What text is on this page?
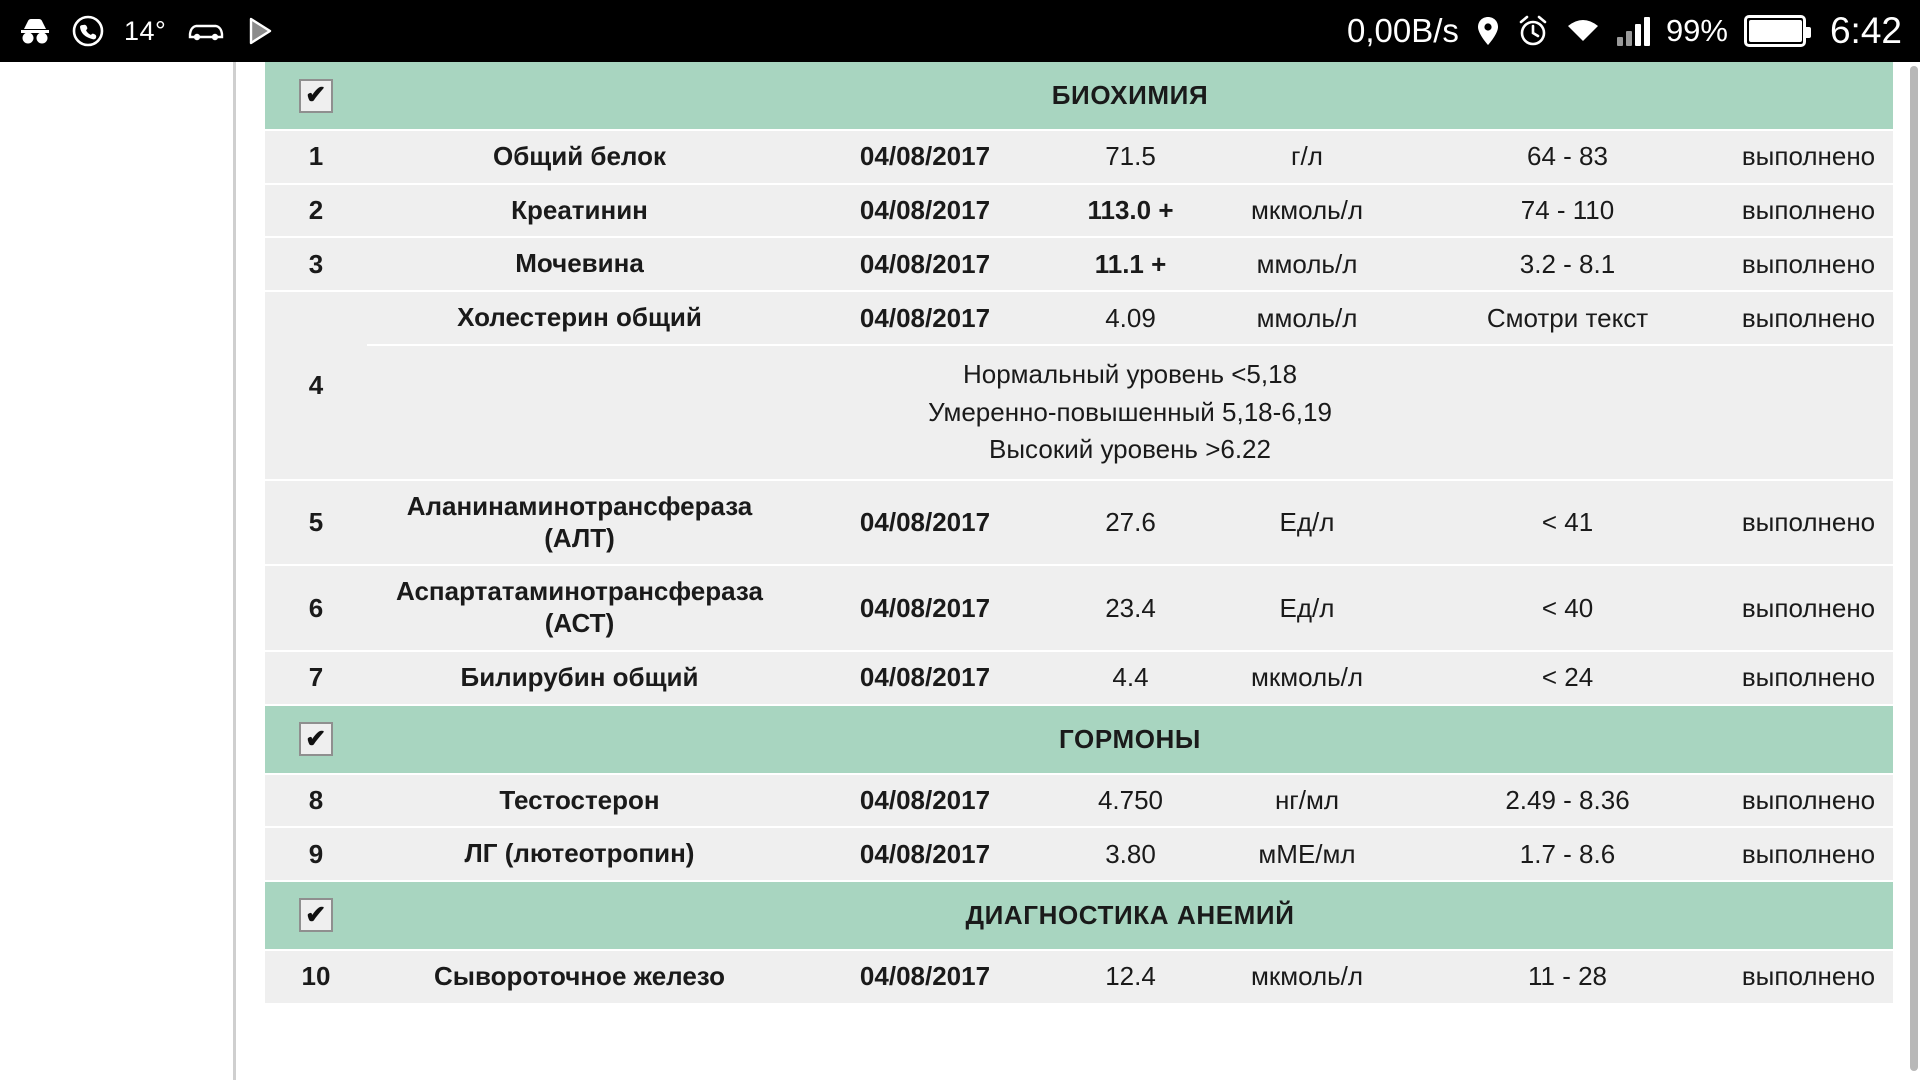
14°	0,00B/s	99%	6:42
✔	БИОХИМИЯ					
1	Общий белок	04/08/2017	71.5	г/л	64 - 83	выполнено
2	Креатинин	04/08/2017	113.0 +	мкмоль/л	74 - 110	выполнено
3	Мочевина	04/08/2017	11.1 +	ммоль/л	3.2 - 8.1	выполнено
4	Холестерин общий	04/08/2017	4.09	ммоль/л	Смотри текст	выполнено
	Нормальный уровень <5,18
Умеренно-повышенный 5,18-6,19
Высокий уровень >6.22					
5	Аланинаминотрансфераза (АЛТ)	04/08/2017	27.6	Ед/л	< 41	выполнено
6	Аспартатаминотрансфераза (АСТ)	04/08/2017	23.4	Ед/л	< 40	выполнено
7	Билирубин общий	04/08/2017	4.4	мкмоль/л	< 24	выполнено
✔	ГОРМОНЫ					
8	Тестостерон	04/08/2017	4.750	нг/мл	2.49 - 8.36	выполнено
9	ЛГ (лютеотропин)	04/08/2017	3.80	мМЕ/мл	1.7 - 8.6	выполнено
✔	ДИАГНОСТИКА АНЕМИЙ					
10	Сывороточное железо	04/08/2017	12.4	мкмоль/л	11 - 28	выполнено
